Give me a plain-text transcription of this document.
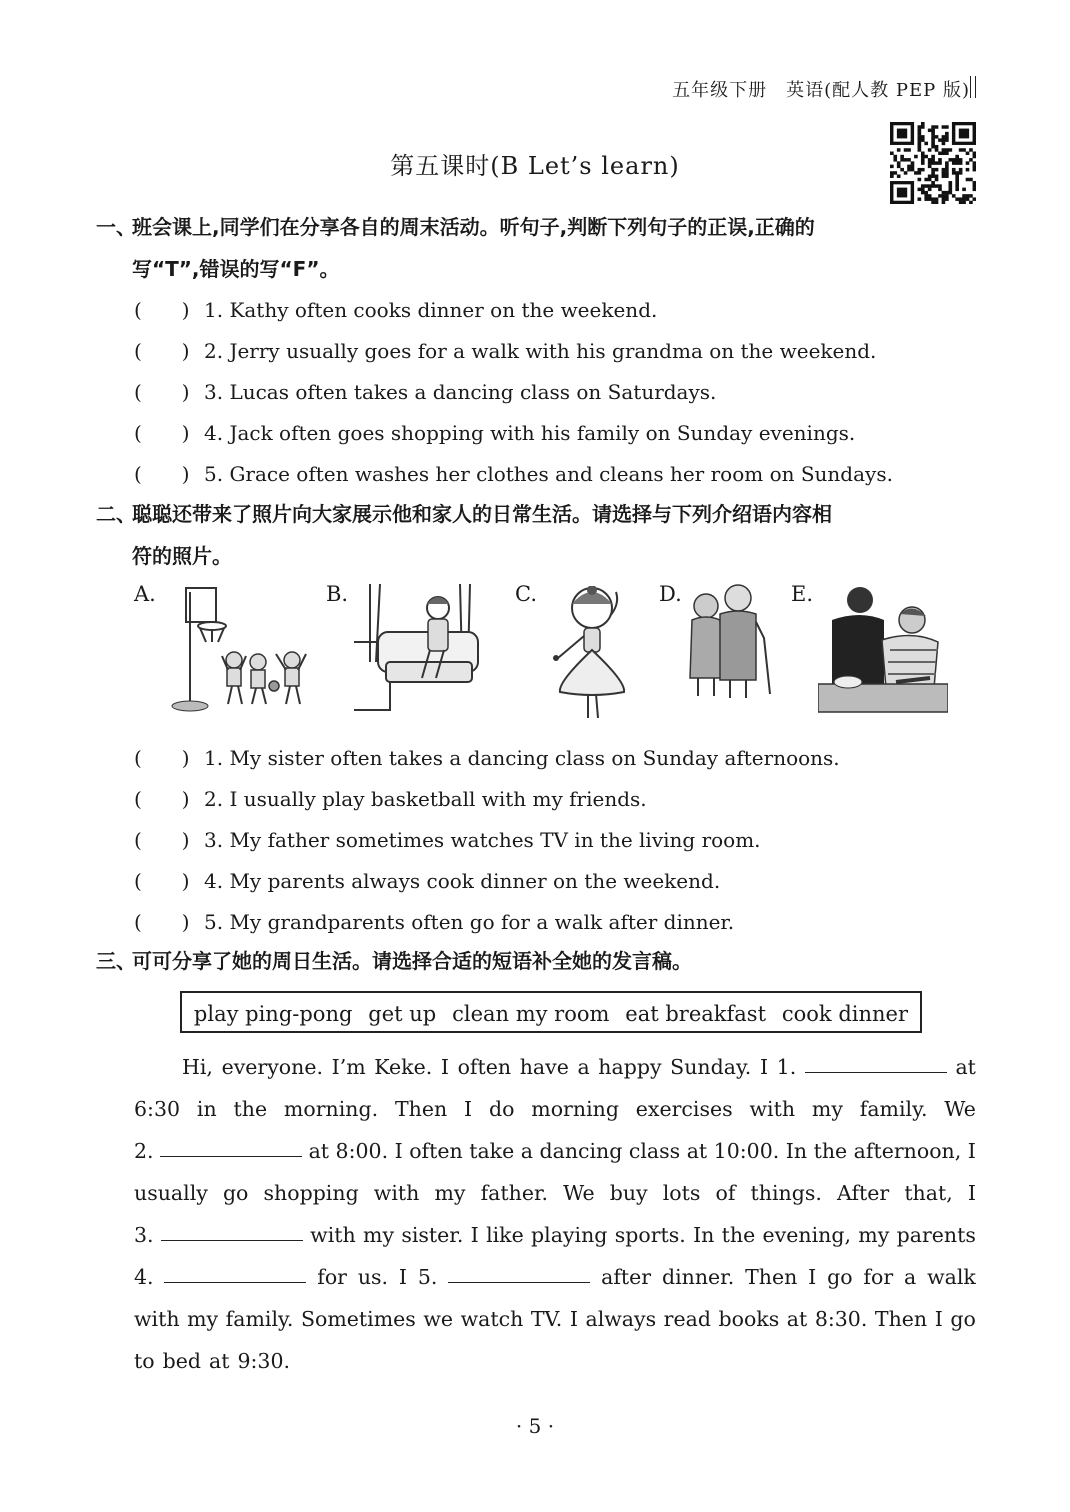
五年级下册　英语(配人教 PEP 版)
第五课时(B Let’s learn)
一、班会课上,同学们在分享各自的周末活动。听句子,判断下列句子的正误,正确的
写“T”,错误的写“F”。
(　　) 1. Kathy often cooks dinner on the weekend.
(　　) 2. Jerry usually goes for a walk with his grandma on the weekend.
(　　) 3. Lucas often takes a dancing class on Saturdays.
(　　) 4. Jack often goes shopping with his family on Sunday evenings.
(　　) 5. Grace often washes her clothes and cleans her room on Sundays.
二、聪聪还带来了照片向大家展示他和家人的日常生活。请选择与下列介绍语内容相
符的照片。
A.	B.	C.	D.	E.
(　　) 1. My sister often takes a dancing class on Sunday afternoons.
(　　) 2. I usually play basketball with my friends.
(　　) 3. My father sometimes watches TV in the living room.
(　　) 4. My parents always cook dinner on the weekend.
(　　) 5. My grandparents often go for a walk after dinner.
三、可可分享了她的周日生活。请选择合适的短语补全她的发言稿。
play ping-pong get up clean my room eat breakfast cook dinner
Hi, everyone. I’m Keke. I often have a happy Sunday. I 1.	at
6:30 in the morning. Then I do morning exercises with my family. We
2.	at 8:00. I often take a dancing class at 10:00. In the afternoon, I
usually go shopping with my father. We buy lots of things. After that, I
3.	with my sister. I like playing sports. In the evening, my parents
4.	for us. I 5.	after dinner. Then I go for a walk
with my family. Sometimes we watch TV. I always read books at 8:30. Then I go
to bed at 9:30.
· 5 ·
